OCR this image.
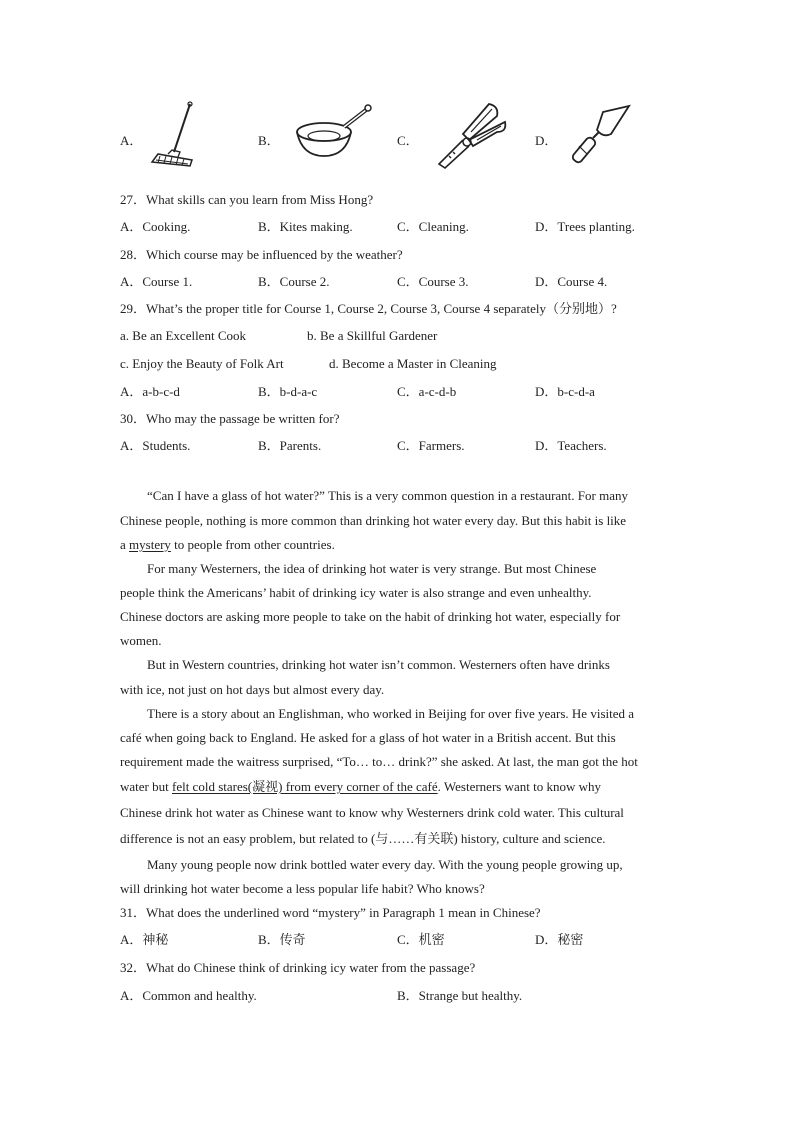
A．	B．	C．	D．
27．What skills can you learn from Miss Hong?
A．Cooking.	B．Kites making.	C．Cleaning.	D．Trees planting.
28．Which course may be influenced by the weather?
A．Course 1.	B．Course 2.	C．Course 3.	D．Course 4.
29．What’s the proper title for Course 1, Course 2, Course 3, Course 4 separately（分别地）?
a. Be an Excellent Cook	b. Be a Skillful Gardener
c. Enjoy the Beauty of Folk Art	d. Become a Master in Cleaning
A．a-b-c-d	B．b-d-a-c	C．a-c-d-b	D．b-c-d-a
30．Who may the passage be written for?
A．Students.	B．Parents.	C．Farmers.	D．Teachers.
“Can I have a glass of hot water?” This is a very common question in a restaurant. For many
Chinese people, nothing is more common than drinking hot water every day. But this habit is like
a mystery to people from other countries.
For many Westerners, the idea of drinking hot water is very strange. But most Chinese
people think the Americans’ habit of drinking icy water is also strange and even unhealthy.
Chinese doctors are asking more people to take on the habit of drinking hot water, especially for
women.
But in Western countries, drinking hot water isn’t common. Westerners often have drinks
with ice, not just on hot days but almost every day.
There is a story about an Englishman, who worked in Beijing for over five years. He visited a
café when going back to England. He asked for a glass of hot water in a British accent. But this
requirement made the waitress surprised, “To… to… drink?” she asked. At last, the man got the hot
water but felt cold stares(凝视) from every corner of the café. Westerners want to know why
Chinese drink hot water as Chinese want to know why Westerners drink cold water. This cultural
difference is not an easy problem, but related to (与……有关联) history, culture and science.
Many young people now drink bottled water every day. With the young people growing up,
will drinking hot water become a less popular life habit? Who knows?
31．What does the underlined word “mystery” in Paragraph 1 mean in Chinese?
A．神秘	B．传奇	C．机密	D．秘密
32．What do Chinese think of drinking icy water from the passage?
A．Common and healthy.	B．Strange but healthy.
